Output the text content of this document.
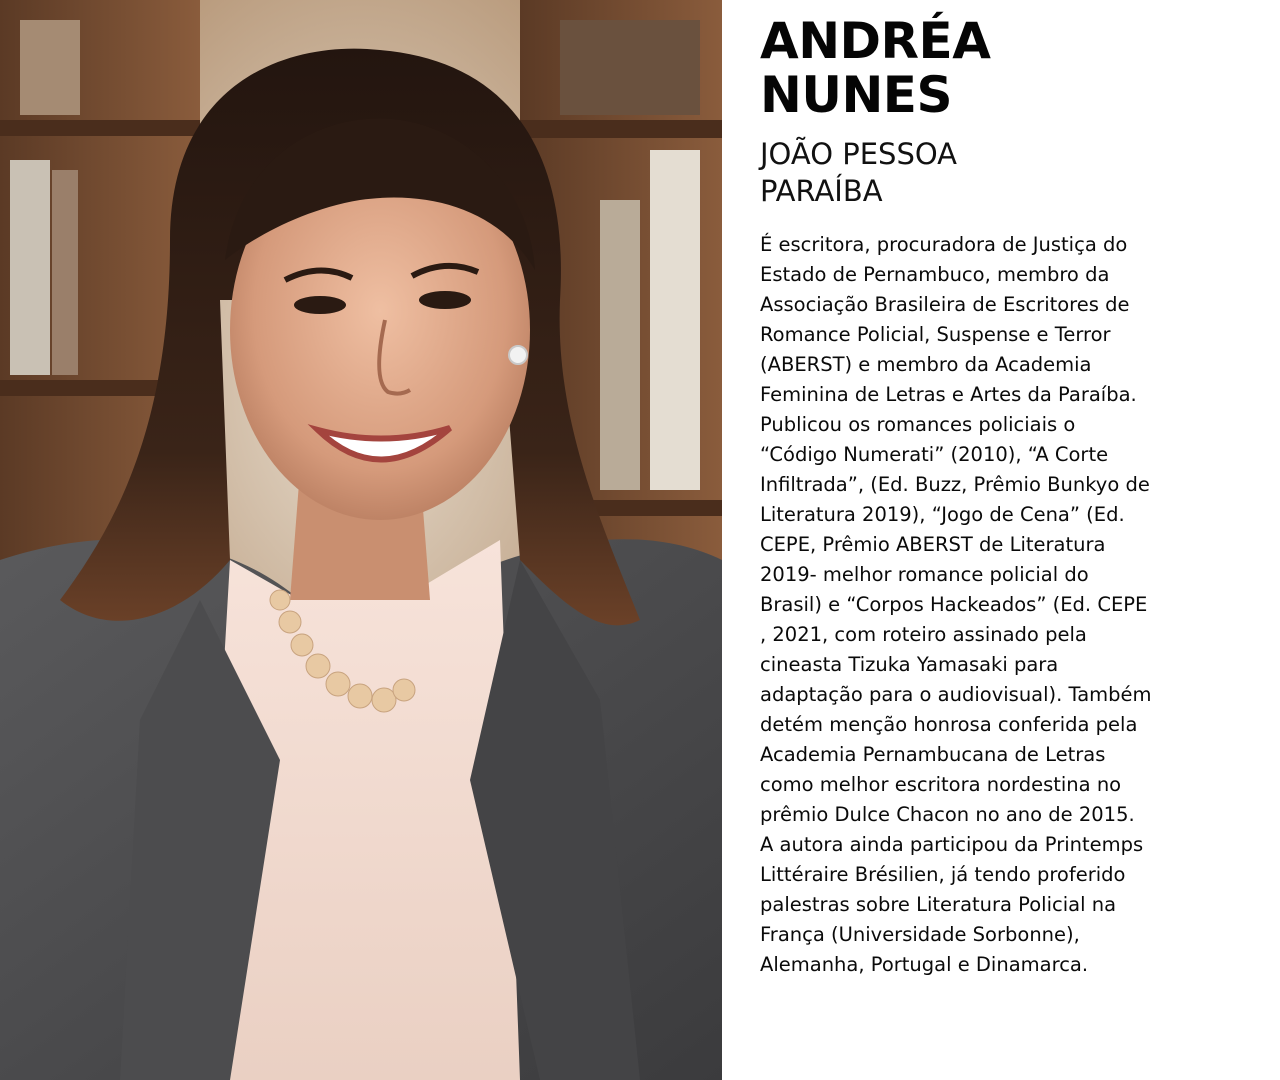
ANDRÉA
NUNES
JOÃO PESSOA
PARAÍBA
É escritora, procuradora de Justiça do
Estado de Pernambuco, membro da
Associação Brasileira de Escritores de
Romance Policial, Suspense e Terror
(ABERST) e membro da Academia
Feminina de Letras e Artes da Paraíba.
Publicou os romances policiais o
“Código Numerati” (2010), “A Corte
Infiltrada”, (Ed. Buzz, Prêmio Bunkyo de
Literatura 2019), “Jogo de Cena” (Ed.
CEPE, Prêmio ABERST de Literatura
2019- melhor romance policial do
Brasil) e “Corpos Hackeados” (Ed. CEPE
, 2021, com roteiro assinado pela
cineasta Tizuka Yamasaki para
adaptação para o audiovisual). Também
detém menção honrosa conferida pela
Academia Pernambucana de Letras
como melhor escritora nordestina no
prêmio Dulce Chacon no ano de 2015.
A autora ainda participou da Printemps
Littéraire Brésilien, já tendo proferido
palestras sobre Literatura Policial na
França (Universidade Sorbonne),
Alemanha, Portugal e Dinamarca.
